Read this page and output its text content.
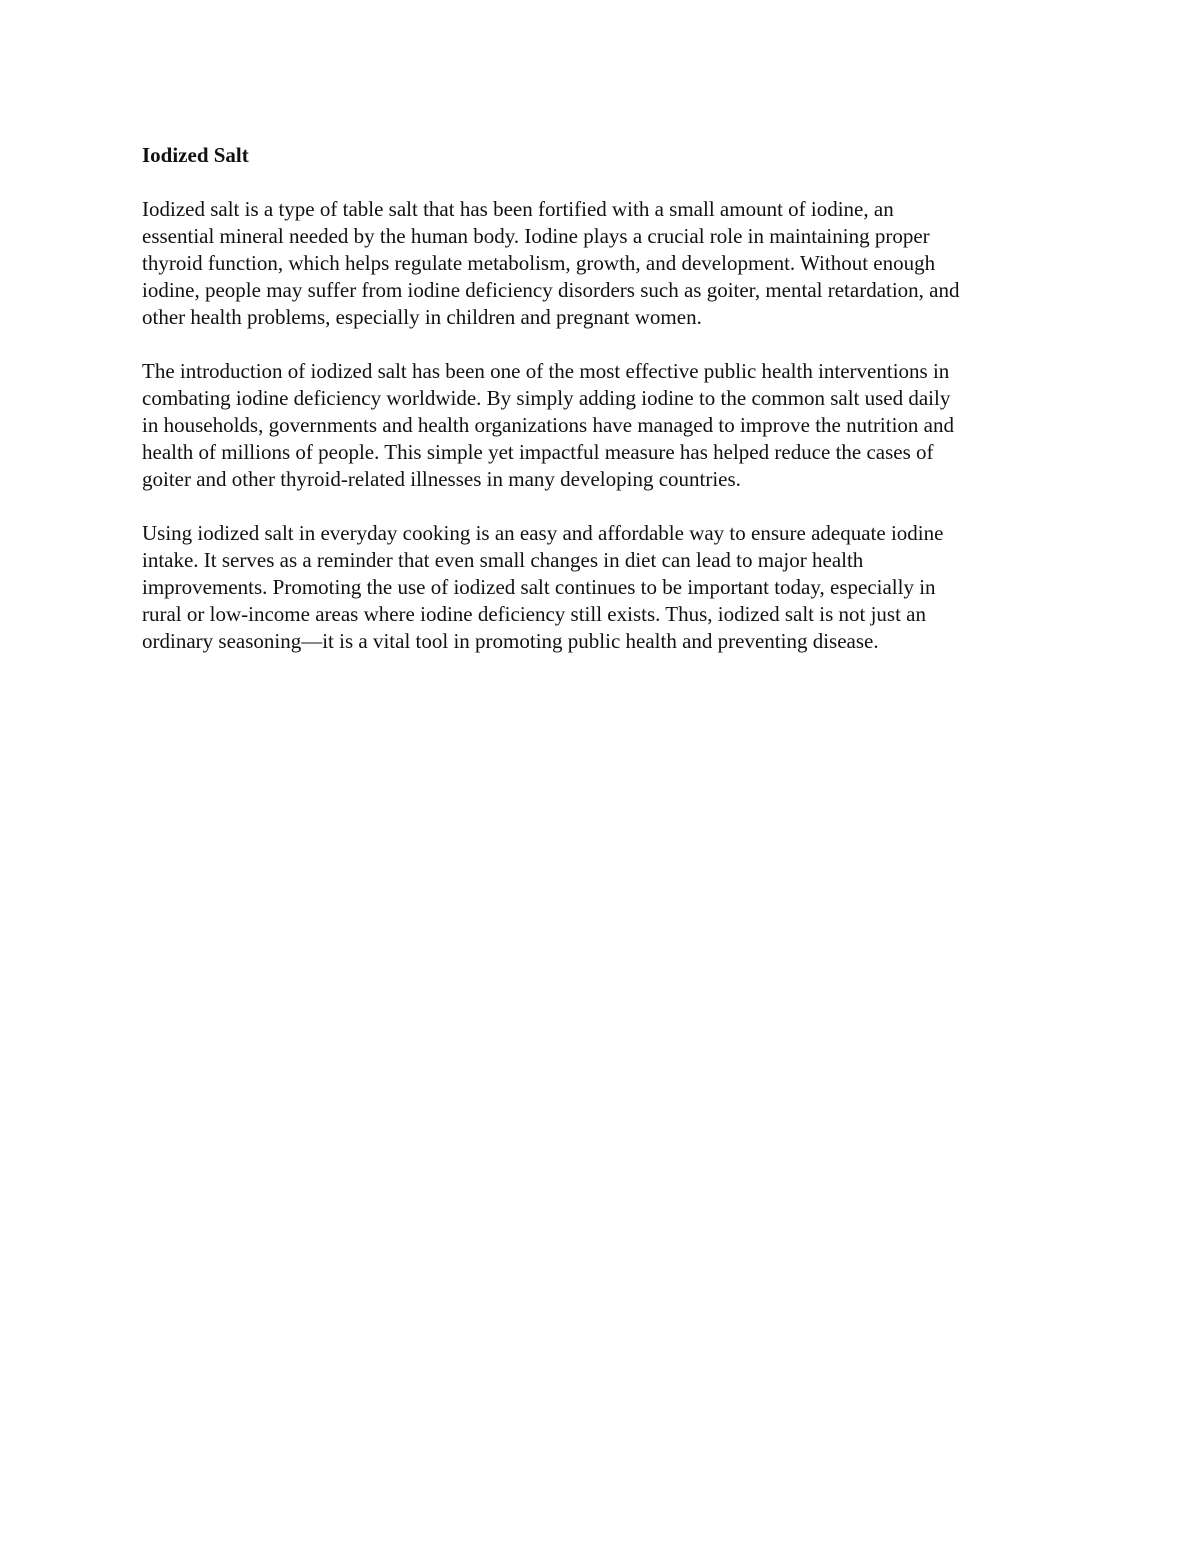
Iodized Salt
Iodized salt is a type of table salt that has been fortified with a small amount of iodine, an
essential mineral needed by the human body. Iodine plays a crucial role in maintaining proper
thyroid function, which helps regulate metabolism, growth, and development. Without enough
iodine, people may suffer from iodine deficiency disorders such as goiter, mental retardation, and
other health problems, especially in children and pregnant women.
The introduction of iodized salt has been one of the most effective public health interventions in
combating iodine deficiency worldwide. By simply adding iodine to the common salt used daily
in households, governments and health organizations have managed to improve the nutrition and
health of millions of people. This simple yet impactful measure has helped reduce the cases of
goiter and other thyroid-related illnesses in many developing countries.
Using iodized salt in everyday cooking is an easy and affordable way to ensure adequate iodine
intake. It serves as a reminder that even small changes in diet can lead to major health
improvements. Promoting the use of iodized salt continues to be important today, especially in
rural or low-income areas where iodine deficiency still exists. Thus, iodized salt is not just an
ordinary seasoning—it is a vital tool in promoting public health and preventing disease.
